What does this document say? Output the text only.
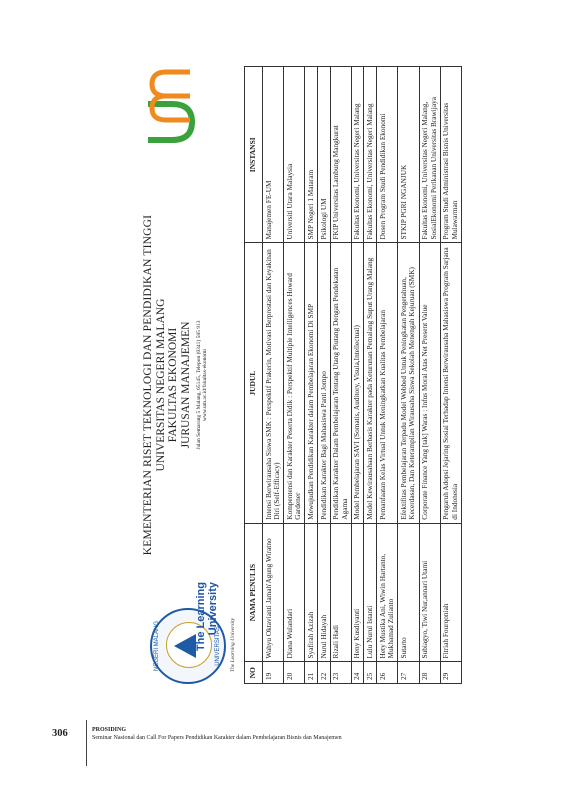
NEGERI MALANG	UNIVERSITAS The Learning University
KEMENTERIAN RISET TEKNOLOGI DAN PENDIDIKAN TINGGI UNIVERSITAS NEGERI MALANG FAKULTAS EKONOMI JURUSAN MANAJEMEN Jalan Semarang 5 Malang, 65145, Telepon (0341) 585 913 www.um.ac.id/fakultas-ekonomi
The Learning University
NO	NAMA PENULIS	JUDUL	INSTANSI
19	Wahyu Oktavianti Jamah'Agung Wiratno	Intensi Berwirausaha Siswa SMK : Perspektif Prakerin, Motivasi Berprestasi dan Keyakinan Diri (Self-Efficacy)	Manajemen FE-UM
20	Diana Wulandari	Kompentensi dan Karakter Peserta Didik : Perspektif Multiple Intelligences Howard Gardener	Universiti Utara Malaysia
21	Syafirah Azizah	Mewujudkan Pendidikan Karakter dalam Pembelajaran Ekonomi Di SMP	SMP Negeri 1 Mataram
22	Nurul Hidayah	Pendidikan Karakter Bagi Mahasiswa Panti Jompo	Psikologi UM
23	Rizali Hadi	Pendidikan Karakter Dalam Pembelajaran Tentang Utang Piutang Dengan Pendekatan Agama	FKIP Universitas Lambung Mangkurat
24	Heny Kusdiyanti	Model Pembelajaran SAVI (Somatis, Auditory, Visula,Intellectual)	Fakultas Ekonomi, Universitas Negeri Malang
25	Lulu Nurul Istanti	Model Kewirausahaan Berbasis Karakter pada Keturunan Pemalang Suput Urang Malang	Fakultas Ekonomi, Universitas Negeri Malang
26	Hety Mustika Ani, Wiwin Hartanto, Mukhamad Zulianto	Pemanfaatan Kelas Virtual Untuk Meningkatkan Kualitas Pembelajaran	Dosen Program Studi Pendidikan Ekonomi
27	Sutarto	Efektifitas Pembelajaran Terpadu Model Webbed Untuk Peningkatan Pengetahuan, Kecerdasan, Dan Keterampilan Wirausaha Siswa Sekolah Menengah Kejuruan (SMK)	STKIP PGRI NGANJUK
28	Subiagyo, Tiwi Nur,annari Utami	Corporate Finance Yang [tak] Waras : Infus Moral Atas Net Present Value	Fakultas Ekonomi, Universitas Negeri Malang, SosialEkonomi Perikanan Universitas Brawijaya
29	Fitriah Fourqoniah	Pengaruh Adopsi Jejaring Sosial Terhadap Intensi Berwirausaha Mahasiswa Program Sarjana di Indonesia	Program Studi Administrasi Bisnis Universitas Mulawarman
306	PROSIDING
Seminar Nasional dan Call For Papers Pendidikan Karakter dalam Pembelajaran Bisnis dan Manajemen
